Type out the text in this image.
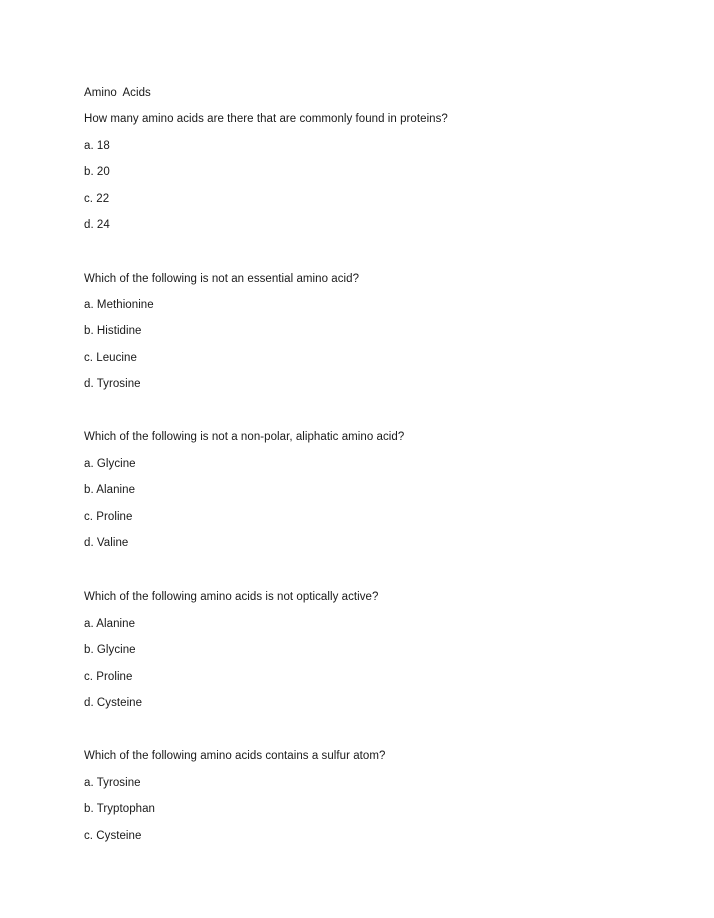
Amino Acids
How many amino acids are there that are commonly found in proteins?
a. 18
b. 20
c. 22
d. 24
Which of the following is not an essential amino acid?
a. Methionine
b. Histidine
c. Leucine
d. Tyrosine
Which of the following is not a non-polar, aliphatic amino acid?
a. Glycine
b. Alanine
c. Proline
d. Valine
Which of the following amino acids is not optically active?
a. Alanine
b. Glycine
c. Proline
d. Cysteine
Which of the following amino acids contains a sulfur atom?
a. Tyrosine
b. Tryptophan
c. Cysteine
